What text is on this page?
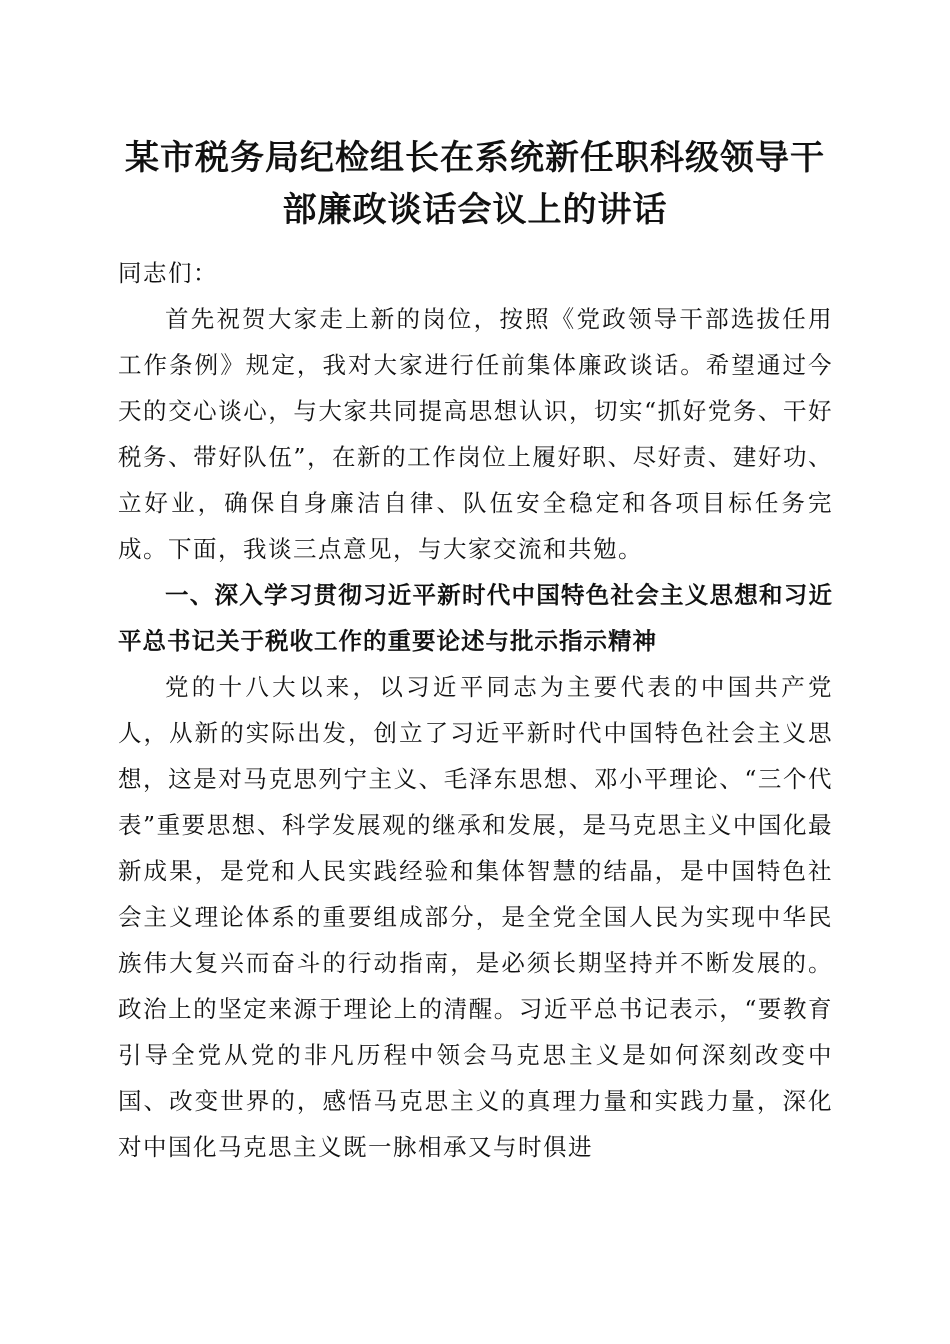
某市税务局纪检组长在系统新任职科级领导干
部廉政谈话会议上的讲话

同志们：

首先祝贺大家走上新的岗位，按照《党政领导干部选拔任用工作条例》规定，我对大家进行任前集体廉政谈话。希望通过今天的交心谈心，与大家共同提高思想认识，切实“抓好党务、干好税务、带好队伍”，在新的工作岗位上履好职、尽好责、建好功、立好业，确保自身廉洁自律、队伍安全稳定和各项目标任务完成。下面，我谈三点意见，与大家交流和共勉。

一、深入学习贯彻习近平新时代中国特色社会主义思想和习近平总书记关于税收工作的重要论述与批示指示精神

党的十八大以来，以习近平同志为主要代表的中国共产党人，从新的实际出发，创立了习近平新时代中国特色社会主义思想，这是对马克思列宁主义、毛泽东思想、邓小平理论、“三个代表”重要思想、科学发展观的继承和发展，是马克思主义中国化最新成果，是党和人民实践经验和集体智慧的结晶，是中国特色社会主义理论体系的重要组成部分，是全党全国人民为实现中华民族伟大复兴而奋斗的行动指南，是必须长期坚持并不断发展的。政治上的坚定来源于理论上的清醒。习近平总书记表示，“要教育引导全党从党的非凡历程中领会马克思主义是如何深刻改变中国、改变世界的，感悟马克思主义的真理力量和实践力量，深化对中国化马克思主义既一脉相承又与时俱进
